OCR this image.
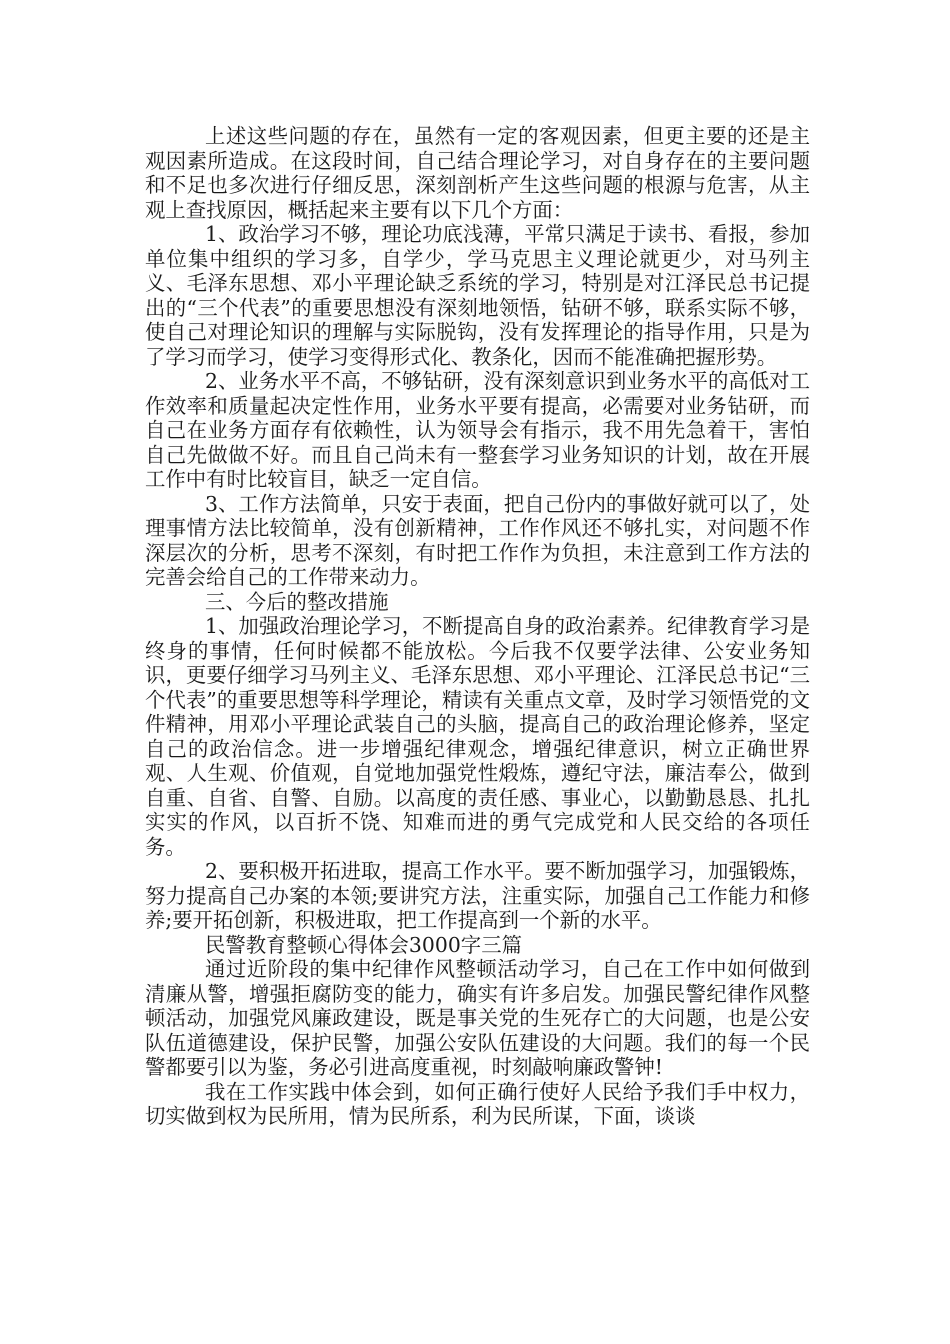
上述这些问题的存在，虽然有一定的客观因素，但更主要的还是主观因素所造成。在这段时间，自己结合理论学习，对自身存在的主要问题和不足也多次进行仔细反思，深刻剖析产生这些问题的根源与危害，从主观上查找原因，概括起来主要有以下几个方面：

1、政治学习不够，理论功底浅薄，平常只满足于读书、看报，参加单位集中组织的学习多，自学少，学马克思主义理论就更少，对马列主义、毛泽东思想、邓小平理论缺乏系统的学习，特别是对江泽民总书记提出的“三个代表”的重要思想没有深刻地领悟，钻研不够，联系实际不够，使自己对理论知识的理解与实际脱钩，没有发挥理论的指导作用，只是为了学习而学习，使学习变得形式化、教条化，因而不能准确把握形势。

2、业务水平不高，不够钻研，没有深刻意识到业务水平的高低对工作效率和质量起决定性作用，业务水平要有提高，必需要对业务钻研，而自己在业务方面存有依赖性，认为领导会有指示，我不用先急着干，害怕自己先做做不好。而且自己尚未有一整套学习业务知识的计划，故在开展工作中有时比较盲目，缺乏一定自信。

3、工作方法简单，只安于表面，把自己份内的事做好就可以了，处理事情方法比较简单，没有创新精神，工作作风还不够扎实，对问题不作深层次的分析，思考不深刻，有时把工作作为负担，未注意到工作方法的完善会给自己的工作带来动力。

三、今后的整改措施

1、加强政治理论学习，不断提高自身的政治素养。纪律教育学习是终身的事情，任何时候都不能放松。今后我不仅要学法律、公安业务知识，更要仔细学习马列主义、毛泽东思想、邓小平理论、江泽民总书记“三个代表”的重要思想等科学理论，精读有关重点文章，及时学习领悟党的文件精神，用邓小平理论武装自己的头脑，提高自己的政治理论修养，坚定自己的政治信念。进一步增强纪律观念，增强纪律意识，树立正确世界观、人生观、价值观，自觉地加强党性煅炼，遵纪守法，廉洁奉公，做到自重、自省、自警、自励。以高度的责任感、事业心，以勤勤恳恳、扎扎实实的作风，以百折不饶、知难而进的勇气完成党和人民交给的各项任务。

2、要积极开拓进取，提高工作水平。要不断加强学习，加强锻炼，努力提高自己办案的本领;要讲究方法，注重实际，加强自己工作能力和修养;要开拓创新，积极进取，把工作提高到一个新的水平。

民警教育整顿心得体会3000字三篇

通过近阶段的集中纪律作风整顿活动学习，自己在工作中如何做到清廉从警，增强拒腐防变的能力，确实有许多启发。加强民警纪律作风整顿活动，加强党风廉政建设，既是事关党的生死存亡的大问题，也是公安队伍道德建设，保护民警，加强公安队伍建设的大问题。我们的每一个民警都要引以为鉴，务必引进高度重视，时刻敲响廉政警钟!

我在工作实践中体会到，如何正确行使好人民给予我们手中权力，切实做到权为民所用，情为民所系，利为民所谋，下面，谈谈
